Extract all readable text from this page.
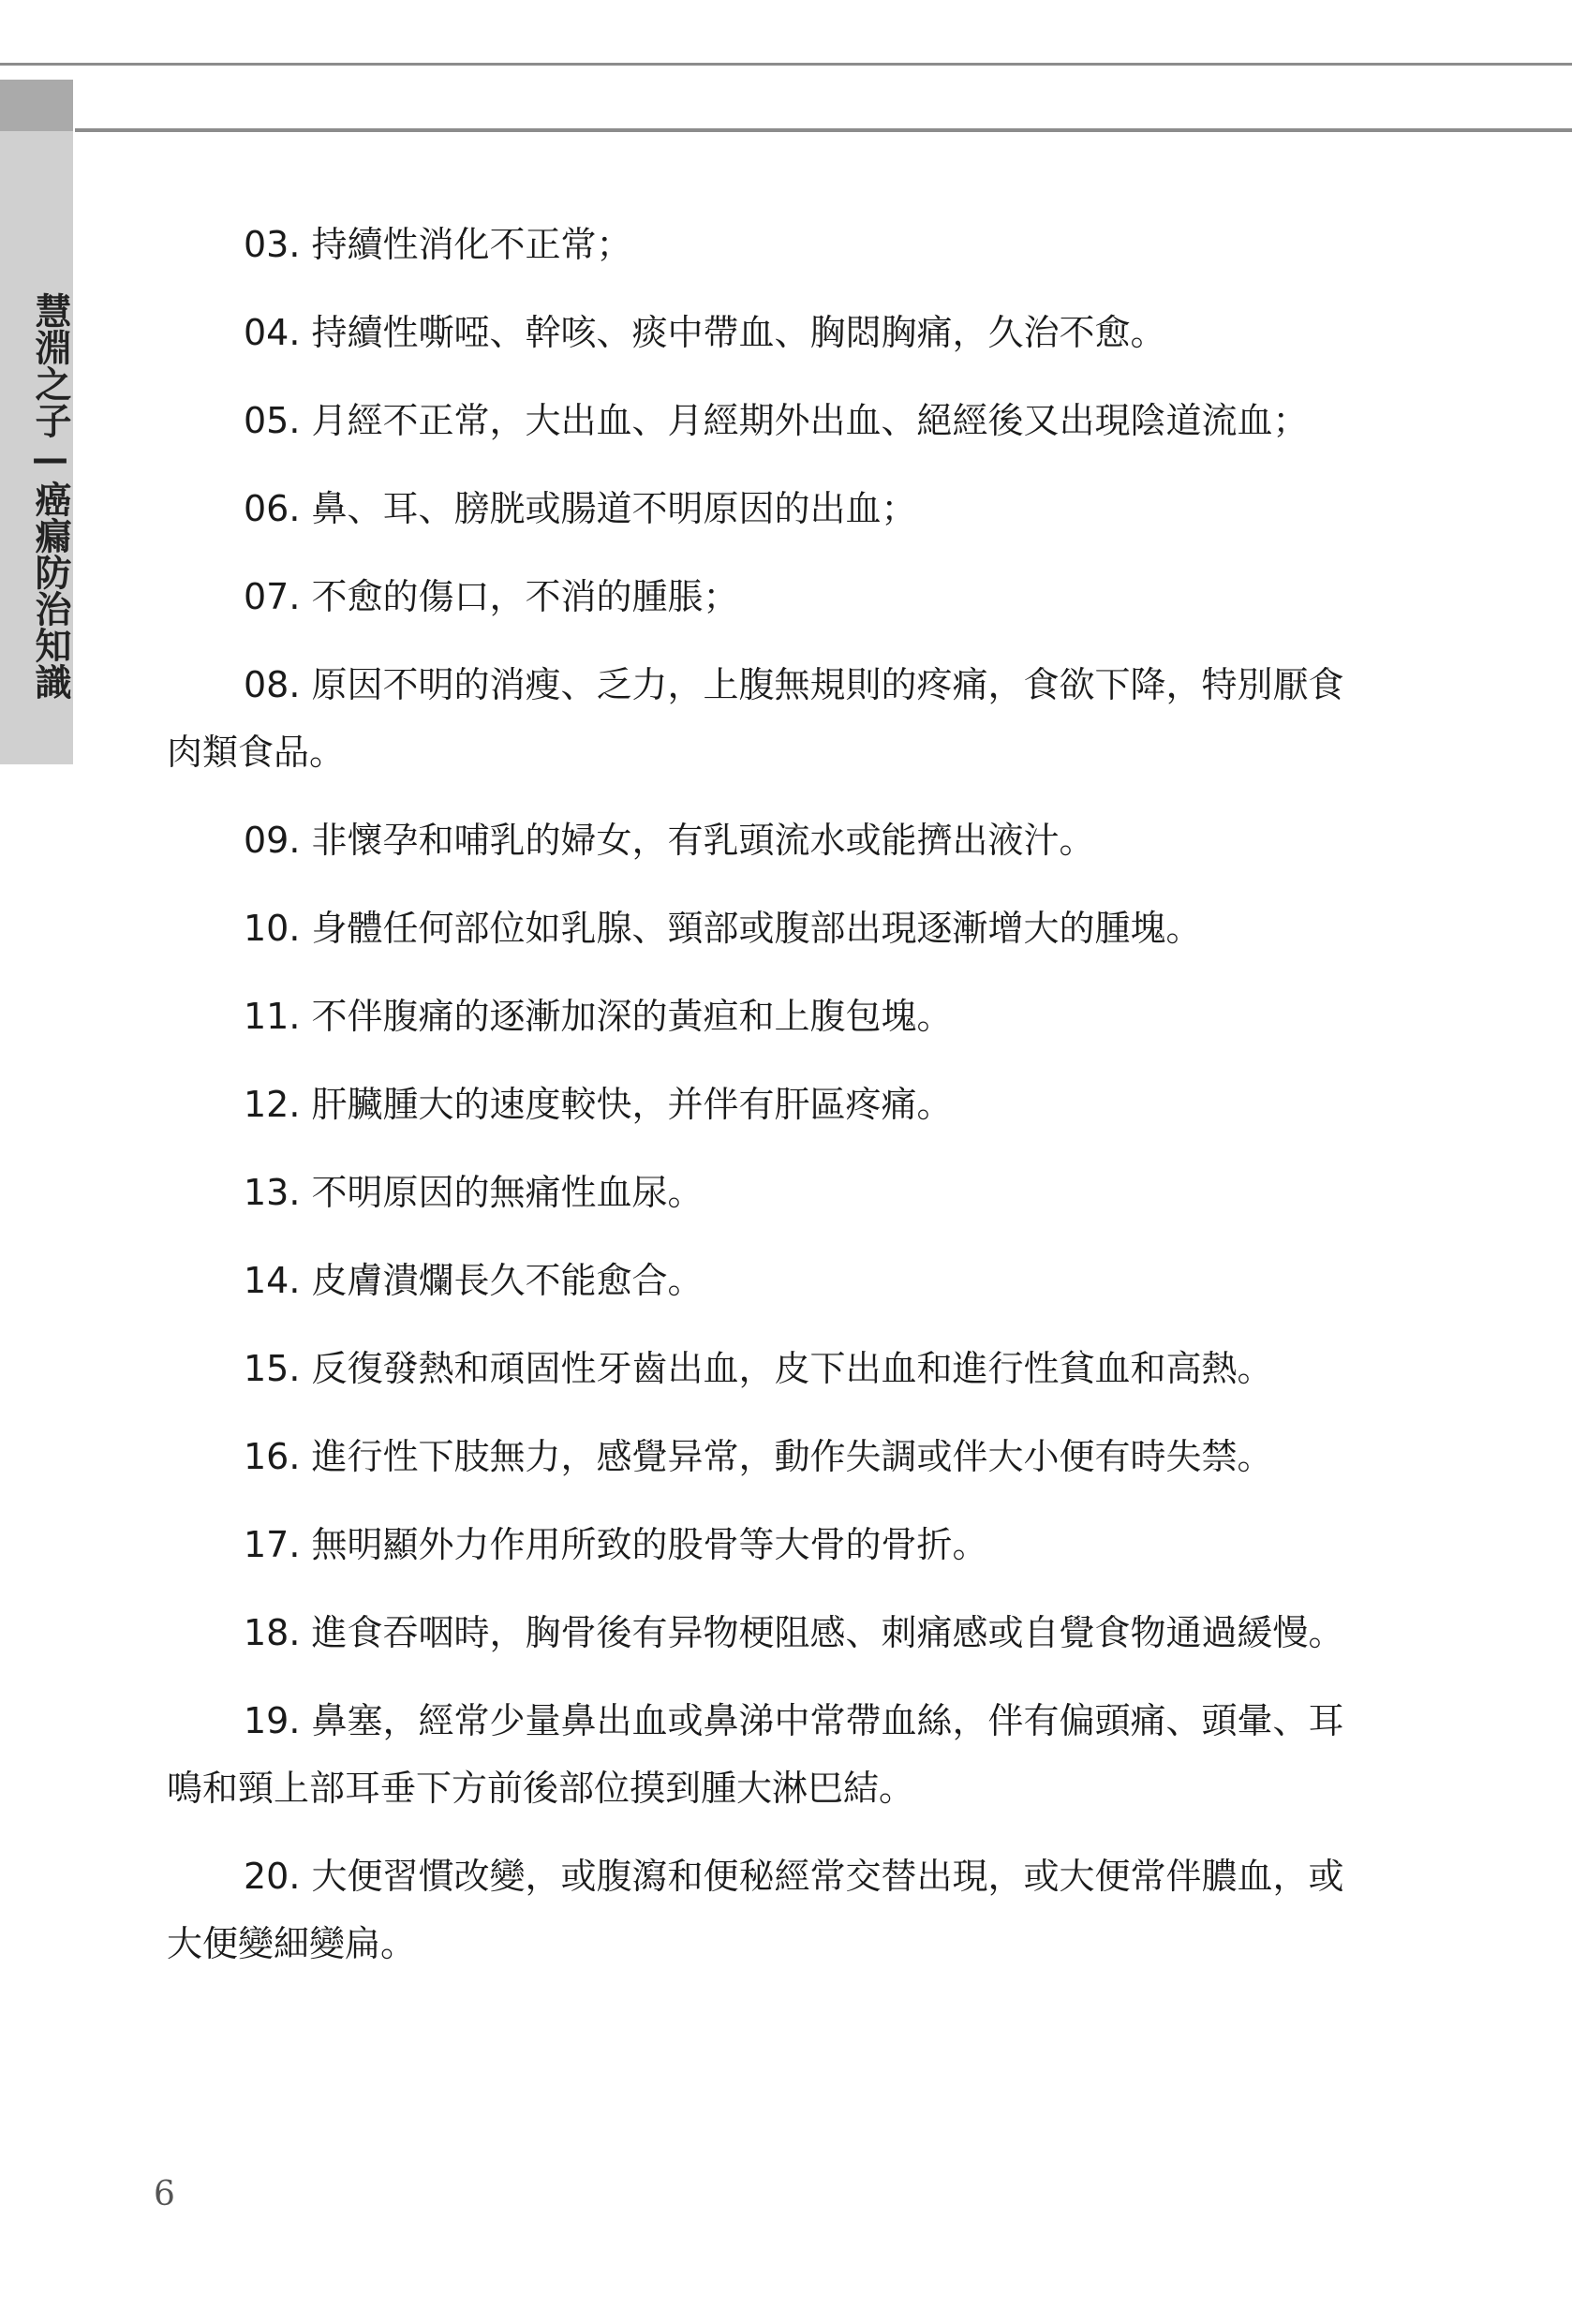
慧淵之子—癌瘺防治知識

03. 持續性消化不正常；

04. 持續性嘶啞、幹咳、痰中帶血、胸悶胸痛，久治不愈。

05. 月經不正常，大出血、月經期外出血、絕經後又出現陰道流血；

06. 鼻、耳、膀胱或腸道不明原因的出血；

07. 不愈的傷口，不消的腫脹；

08. 原因不明的消瘦、乏力，上腹無規則的疼痛，食欲下降，特別厭食肉類食品。

09. 非懷孕和哺乳的婦女，有乳頭流水或能擠出液汁。

10. 身體任何部位如乳腺、頸部或腹部出現逐漸增大的腫塊。

11. 不伴腹痛的逐漸加深的黃疸和上腹包塊。

12. 肝臟腫大的速度較快，并伴有肝區疼痛。

13. 不明原因的無痛性血尿。

14. 皮膚潰爛長久不能愈合。

15. 反復發熱和頑固性牙齒出血，皮下出血和進行性貧血和高熱。

16. 進行性下肢無力，感覺异常，動作失調或伴大小便有時失禁。

17. 無明顯外力作用所致的股骨等大骨的骨折。

18. 進食吞咽時，胸骨後有异物梗阻感、刺痛感或自覺食物通過緩慢。

19. 鼻塞，經常少量鼻出血或鼻涕中常帶血絲，伴有偏頭痛、頭暈、耳鳴和頸上部耳垂下方前後部位摸到腫大淋巴結。

20. 大便習慣改變，或腹瀉和便秘經常交替出現，或大便常伴膿血，或大便變細變扁。

6
